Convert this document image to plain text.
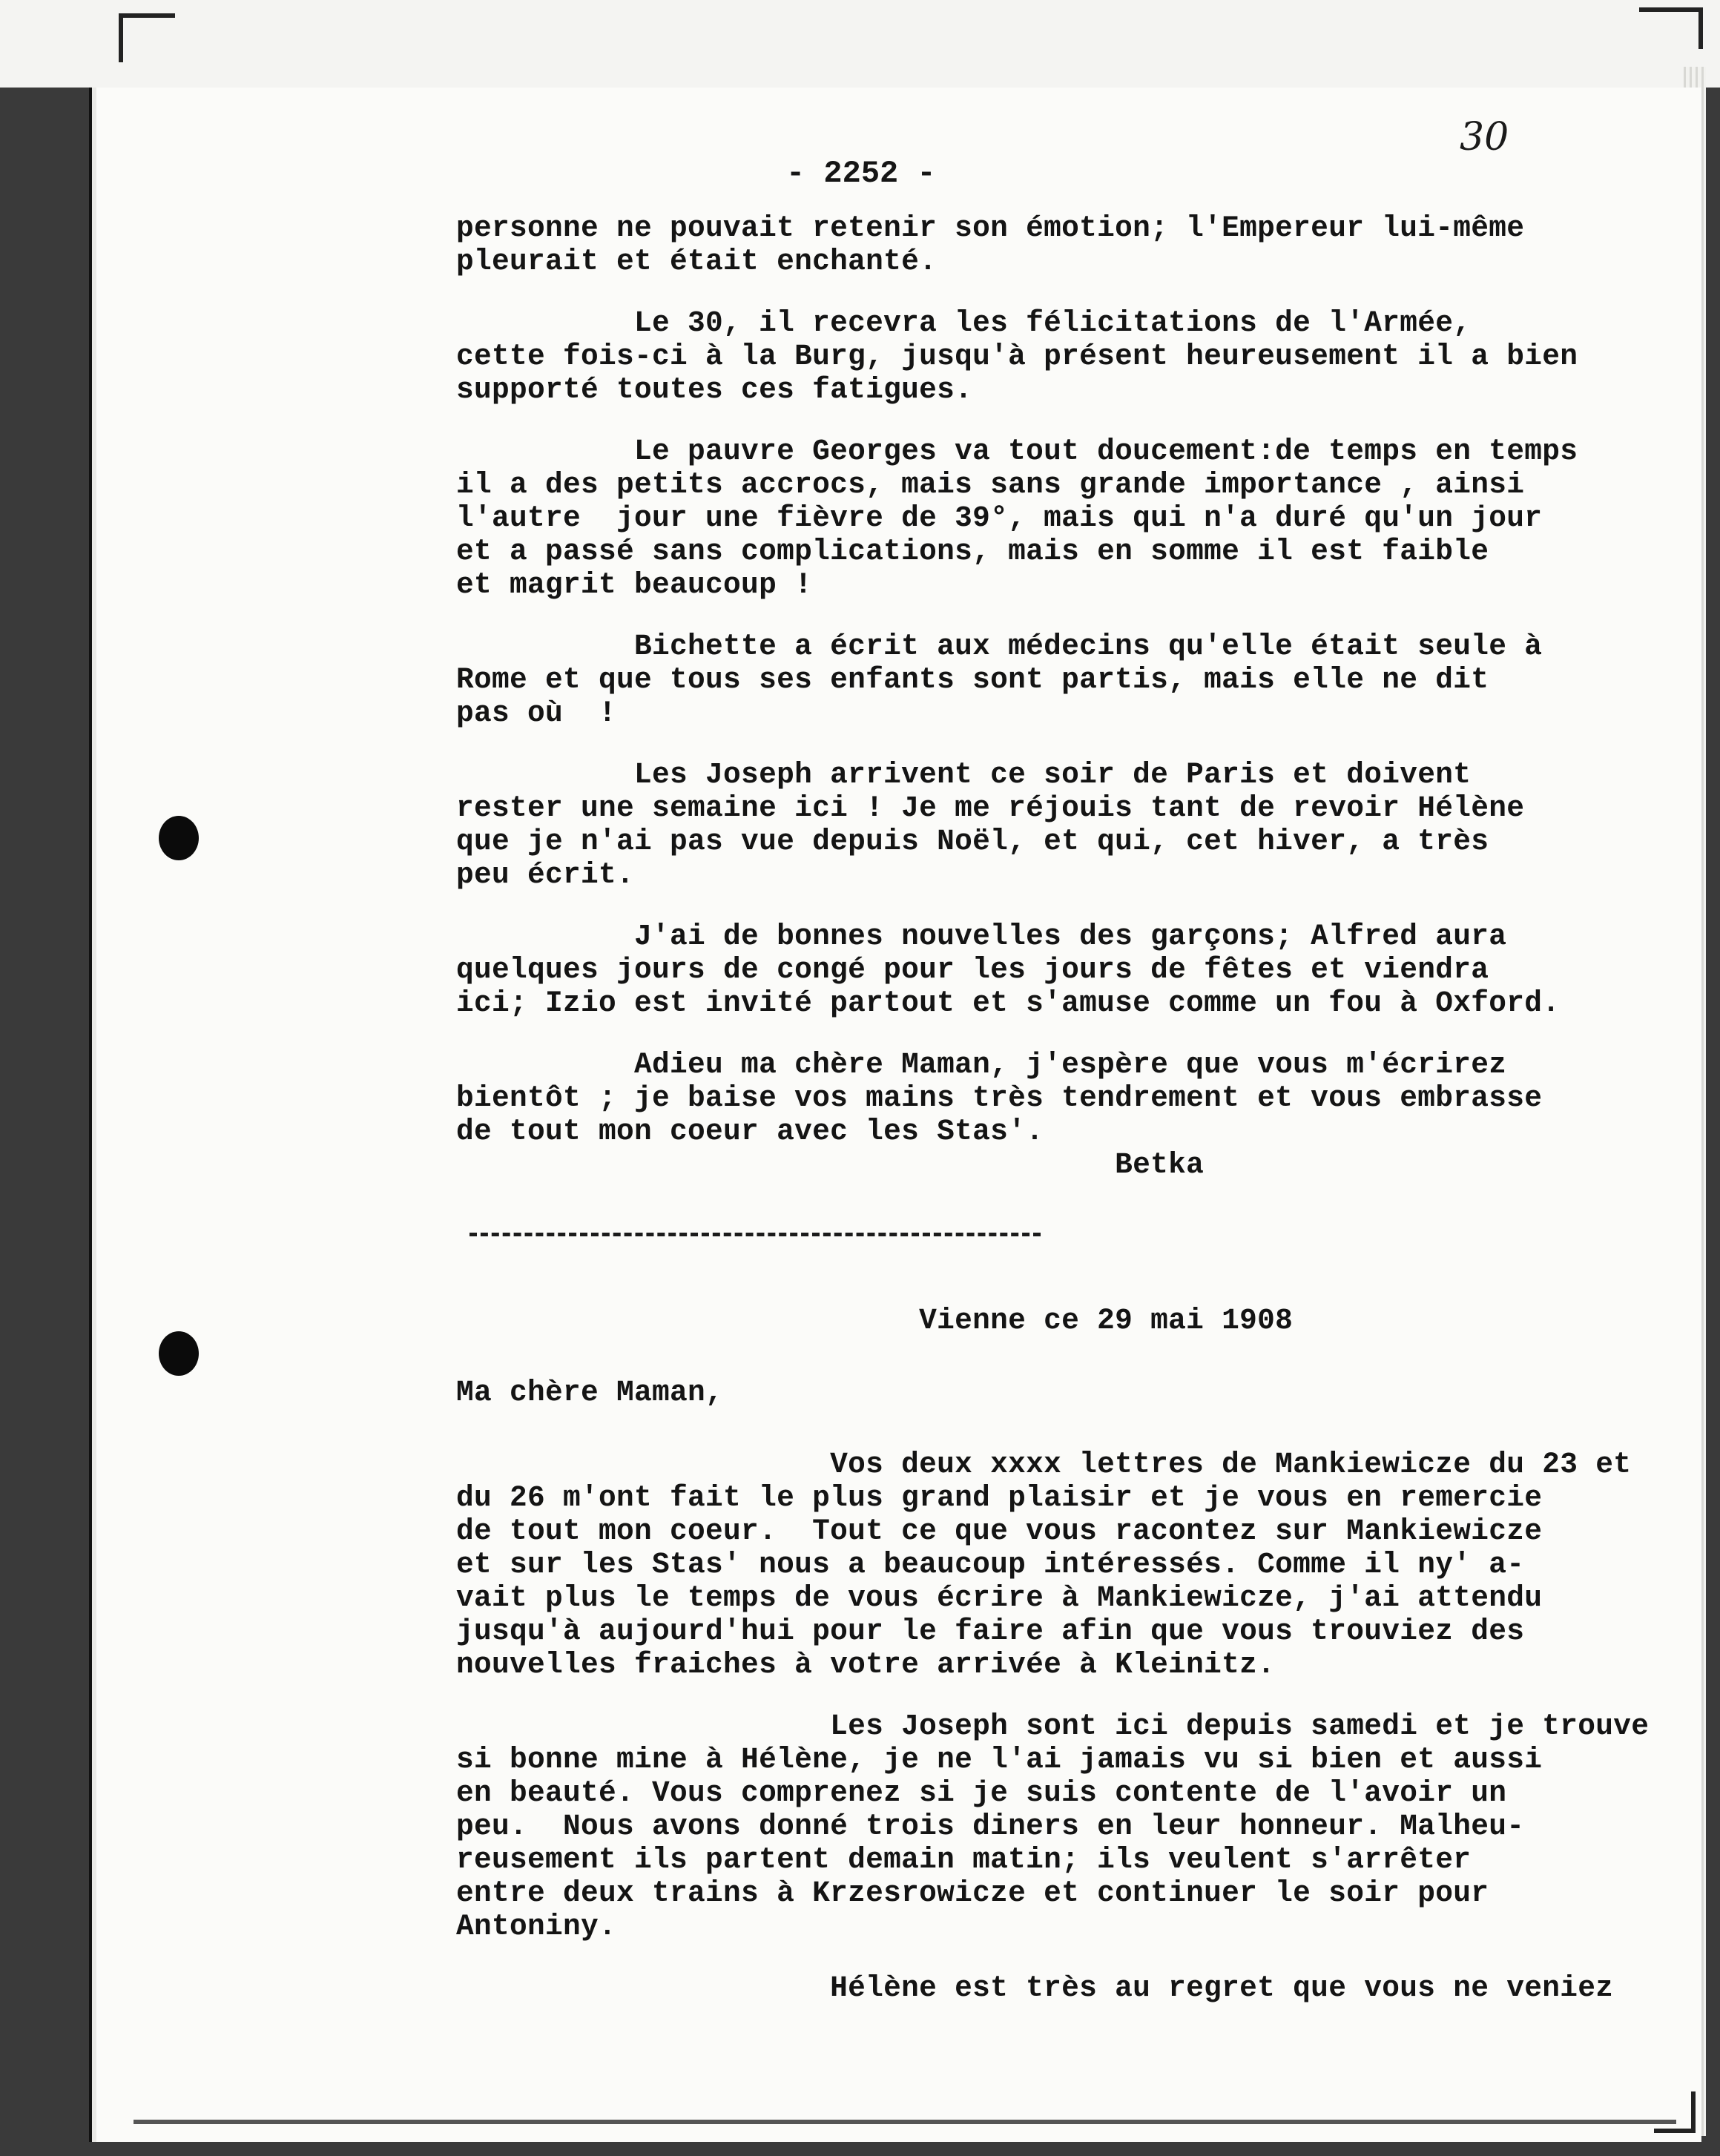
30
- 2252 -

personne ne pouvait retenir son émotion; l'Empereur lui-même
pleurait et était enchanté.

Le 30, il recevra les félicitations de l'Armée,
cette fois-ci à la Burg, jusqu'à présent heureusement il a bien
supporté toutes ces fatigues.

Le pauvre Georges va tout doucement:de temps en temps
il a des petits accrocs, mais sans grande importance , ainsi
l'autre  jour une fièvre de 39°, mais qui n'a duré qu'un jour
et a passé sans complications, mais en somme il est faible
et magrit beaucoup !

Bichette a écrit aux médecins qu'elle était seule à
Rome et que tous ses enfants sont partis, mais elle ne dit
pas où  !

Les Joseph arrivent ce soir de Paris et doivent
rester une semaine ici ! Je me réjouis tant de revoir Hélène
que je n'ai pas vue depuis Noël, et qui, cet hiver, a très
peu écrit.

J'ai de bonnes nouvelles des garçons; Alfred aura
quelques jours de congé pour les jours de fêtes et viendra
ici; Izio est invité partout et s'amuse comme un fou à Oxford.

Adieu ma chère Maman, j'espère que vous m'écrirez
bientôt ; je baise vos mains très tendrement et vous embrasse
de tout mon coeur avec les Stas'.

Betka

Vienne ce 29 mai 1908

Ma chère Maman,

Vos deux xxxx lettres de Mankiewicze du 23 et
du 26 m'ont fait le plus grand plaisir et je vous en remercie
de tout mon coeur.  Tout ce que vous racontez sur Mankiewicze
et sur les Stas' nous a beaucoup intéressés. Comme il ny' a-
vait plus le temps de vous écrire à Mankiewicze, j'ai attendu
jusqu'à aujourd'hui pour le faire afin que vous trouviez des
nouvelles fraiches à votre arrivée à Kleinitz.

Les Joseph sont ici depuis samedi et je trouve
si bonne mine à Hélène, je ne l'ai jamais vu si bien et aussi
en beauté. Vous comprenez si je suis contente de l'avoir un
peu.  Nous avons donné trois diners en leur honneur. Malheu-
reusement ils partent demain matin; ils veulent s'arrêter
entre deux trains à Krzesrowicze et continuer le soir pour
Antoniny.

Hélène est très au regret que vous ne veniez
